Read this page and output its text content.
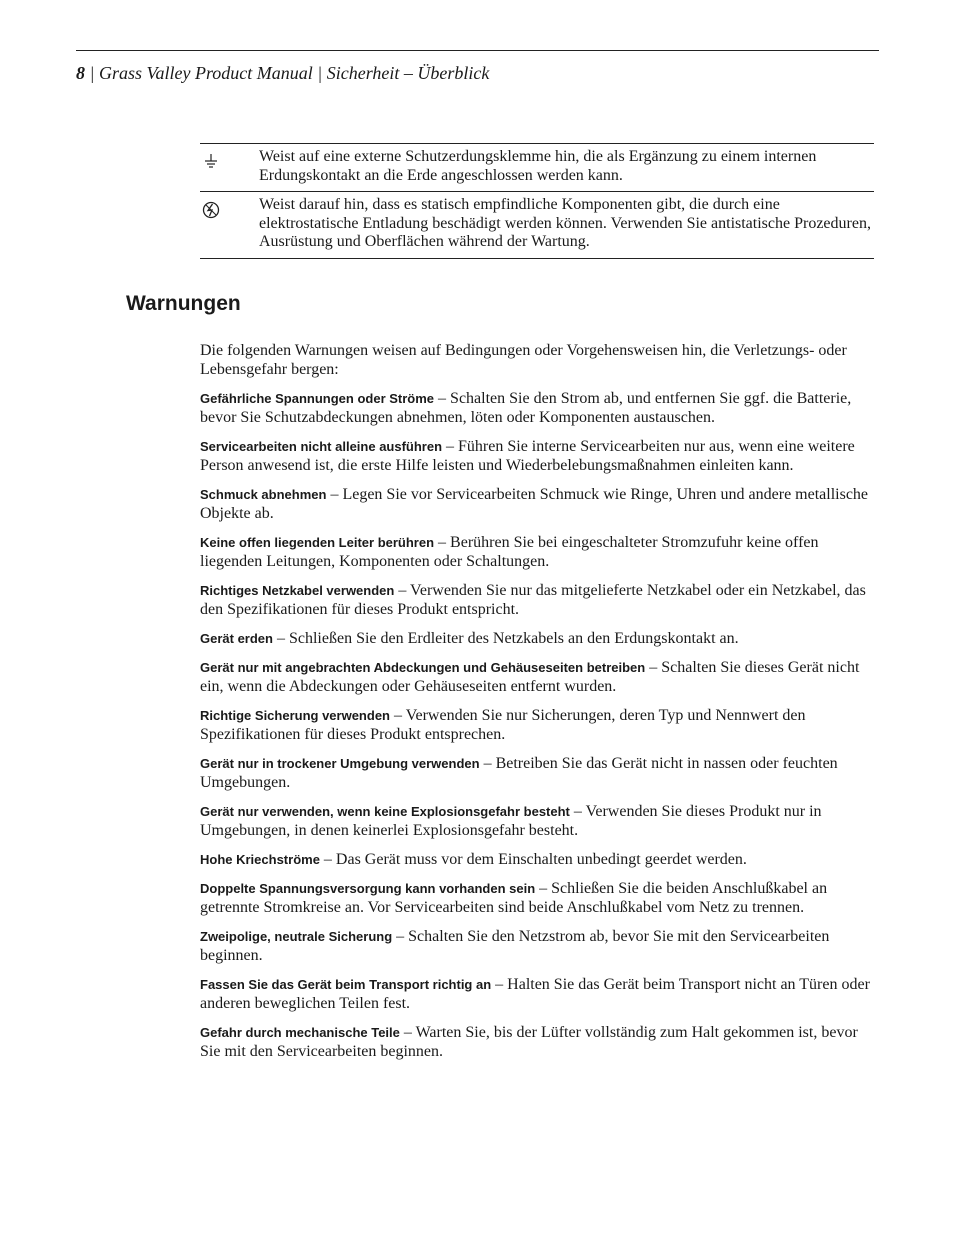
8 | Grass Valley Product Manual | Sicherheit – Überblick
Weist auf eine externe Schutzerdungsklemme hin, die als Ergänzung zu einem internen Erdungskontakt an die Erde angeschlossen werden kann.
Weist darauf hin, dass es statisch empfindliche Komponenten gibt, die durch eine elektrostatische Entladung beschädigt werden können. Verwenden Sie antistatische Prozeduren, Ausrüstung und Oberflächen während der Wartung.
Warnungen

Die folgenden Warnungen weisen auf Bedingungen oder Vorgehensweisen hin, die Verletzungs- oder Lebensgefahr bergen:

Gefährliche Spannungen oder Ströme – Schalten Sie den Strom ab, und entfernen Sie ggf. die Batterie, bevor Sie Schutzabdeckungen abnehmen, löten oder Komponenten austauschen.

Servicearbeiten nicht alleine ausführen – Führen Sie interne Servicearbeiten nur aus, wenn eine weitere Person anwesend ist, die erste Hilfe leisten und Wiederbelebungsmaßnahmen einleiten kann.

Schmuck abnehmen – Legen Sie vor Servicearbeiten Schmuck wie Ringe, Uhren und andere metallische Objekte ab.

Keine offen liegenden Leiter berühren – Berühren Sie bei eingeschalteter Stromzufuhr keine offen liegenden Leitungen, Komponenten oder Schaltungen.

Richtiges Netzkabel verwenden – Verwenden Sie nur das mitgelieferte Netzkabel oder ein Netzkabel, das den Spezifikationen für dieses Produkt entspricht.

Gerät erden – Schließen Sie den Erdleiter des Netzkabels an den Erdungskontakt an.

Gerät nur mit angebrachten Abdeckungen und Gehäuseseiten betreiben – Schalten Sie dieses Gerät nicht ein, wenn die Abdeckungen oder Gehäuseseiten entfernt wurden.

Richtige Sicherung verwenden – Verwenden Sie nur Sicherungen, deren Typ und Nennwert den Spezifikationen für dieses Produkt entsprechen.

Gerät nur in trockener Umgebung verwenden – Betreiben Sie das Gerät nicht in nassen oder feuchten Umgebungen.

Gerät nur verwenden, wenn keine Explosionsgefahr besteht – Verwenden Sie dieses Produkt nur in Umgebungen, in denen keinerlei Explosionsgefahr besteht.

Hohe Kriechströme – Das Gerät muss vor dem Einschalten unbedingt geerdet werden.

Doppelte Spannungsversorgung kann vorhanden sein – Schließen Sie die beiden Anschlußkabel an getrennte Stromkreise an. Vor Servicearbeiten sind beide Anschlußkabel vom Netz zu trennen.

Zweipolige, neutrale Sicherung – Schalten Sie den Netzstrom ab, bevor Sie mit den Servicearbeiten beginnen.

Fassen Sie das Gerät beim Transport richtig an – Halten Sie das Gerät beim Transport nicht an Türen oder anderen beweglichen Teilen fest.

Gefahr durch mechanische Teile – Warten Sie, bis der Lüfter vollständig zum Halt gekommen ist, bevor Sie mit den Servicearbeiten beginnen.
